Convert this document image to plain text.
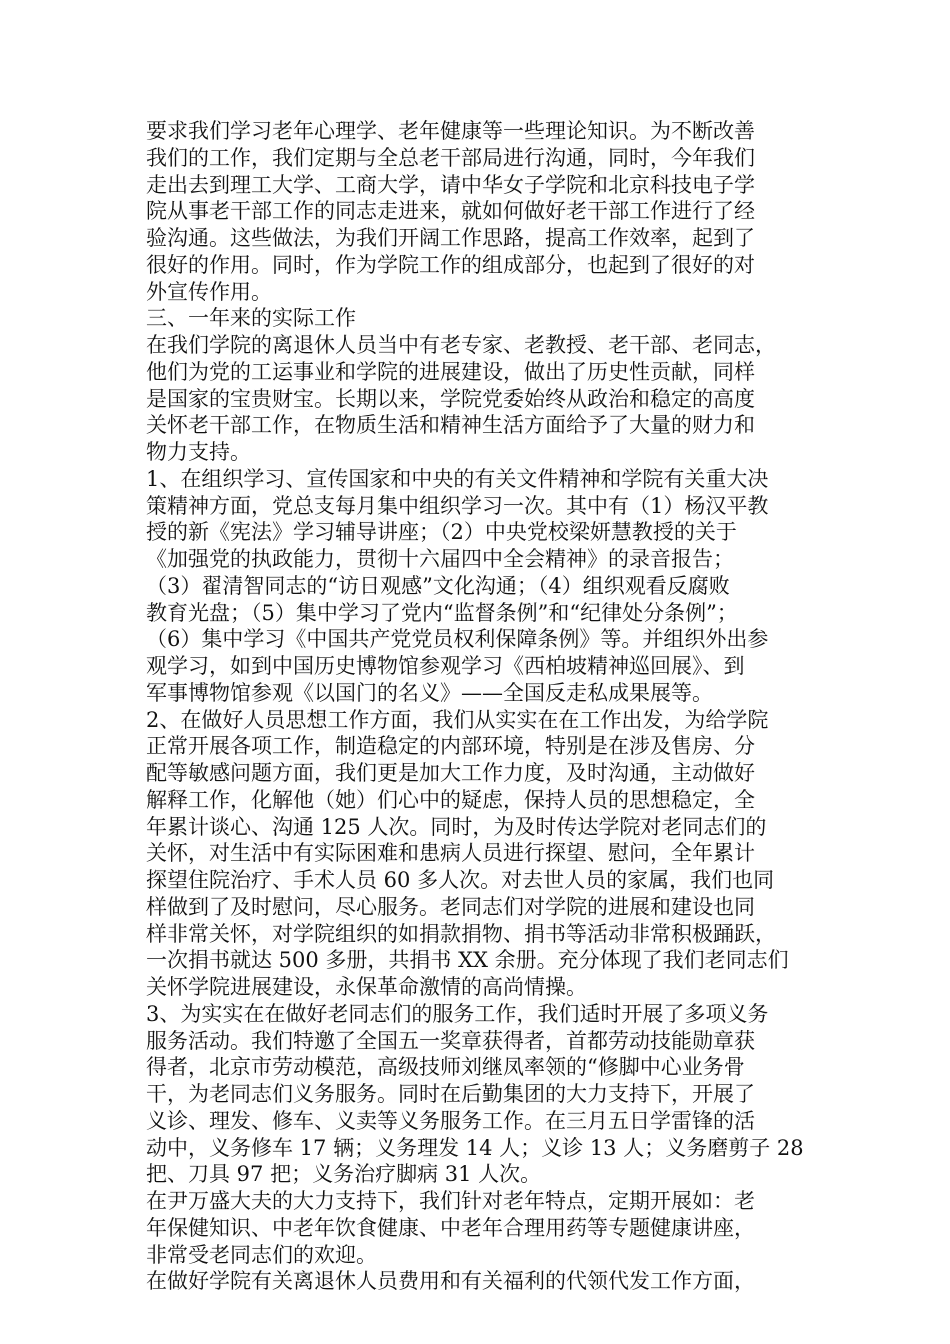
要求我们学习老年心理学、老年健康等一些理论知识。为不断改善
我们的工作，我们定期与全总老干部局进行沟通，同时，今年我们
走出去到理工大学、工商大学，请中华女子学院和北京科技电子学
院从事老干部工作的同志走进来，就如何做好老干部工作进行了经
验沟通。这些做法，为我们开阔工作思路，提高工作效率，起到了
很好的作用。同时，作为学院工作的组成部分，也起到了很好的对
外宣传作用。
三、一年来的实际工作
在我们学院的离退休人员当中有老专家、老教授、老干部、老同志，
他们为党的工运事业和学院的进展建设，做出了历史性贡献，同样
是国家的宝贵财宝。长期以来，学院党委始终从政治和稳定的高度
关怀老干部工作，在物质生活和精神生活方面给予了大量的财力和
物力支持。
1、在组织学习、宣传国家和中央的有关文件精神和学院有关重大决
策精神方面，党总支每月集中组织学习一次。其中有（1）杨汉平教
授的新《宪法》学习辅导讲座；（2）中央党校梁妍慧教授的关于
《加强党的执政能力，贯彻十六届四中全会精神》的录音报告；
（3）翟清智同志的“访日观感”文化沟通；（4）组织观看反腐败
教育光盘；（5）集中学习了党内“监督条例”和“纪律处分条例”；
（6）集中学习《中国共产党党员权利保障条例》等。并组织外出参
观学习，如到中国历史博物馆参观学习《西柏坡精神巡回展》、到
军事博物馆参观《以国门的名义》——全国反走私成果展等。
2、在做好人员思想工作方面，我们从实实在在工作出发，为给学院
正常开展各项工作，制造稳定的内部环境，特别是在涉及售房、分
配等敏感问题方面，我们更是加大工作力度，及时沟通，主动做好
解释工作，化解他（她）们心中的疑虑，保持人员的思想稳定，全
年累计谈心、沟通 125 人次。同时，为及时传达学院对老同志们的
关怀，对生活中有实际困难和患病人员进行探望、慰问，全年累计
探望住院治疗、手术人员 60 多人次。对去世人员的家属，我们也同
样做到了及时慰问，尽心服务。老同志们对学院的进展和建设也同
样非常关怀，对学院组织的如捐款捐物、捐书等活动非常积极踊跃，
一次捐书就达 500 多册，共捐书 XX 余册。充分体现了我们老同志们
关怀学院进展建设，永保革命激情的高尚情操。
3、为实实在在做好老同志们的服务工作，我们适时开展了多项义务
服务活动。我们特邀了全国五一奖章获得者，首都劳动技能勋章获
得者，北京市劳动模范，高级技师刘继凤率领的“修脚中心业务骨
干，为老同志们义务服务。同时在后勤集团的大力支持下，开展了
义诊、理发、修车、义卖等义务服务工作。在三月五日学雷锋的活
动中，义务修车 17 辆；义务理发 14 人；义诊 13 人；义务磨剪子 28
把、刀具 97 把；义务治疗脚病 31 人次。
在尹万盛大夫的大力支持下，我们针对老年特点，定期开展如：老
年保健知识、中老年饮食健康、中老年合理用药等专题健康讲座，
非常受老同志们的欢迎。
在做好学院有关离退休人员费用和有关福利的代领代发工作方面，
